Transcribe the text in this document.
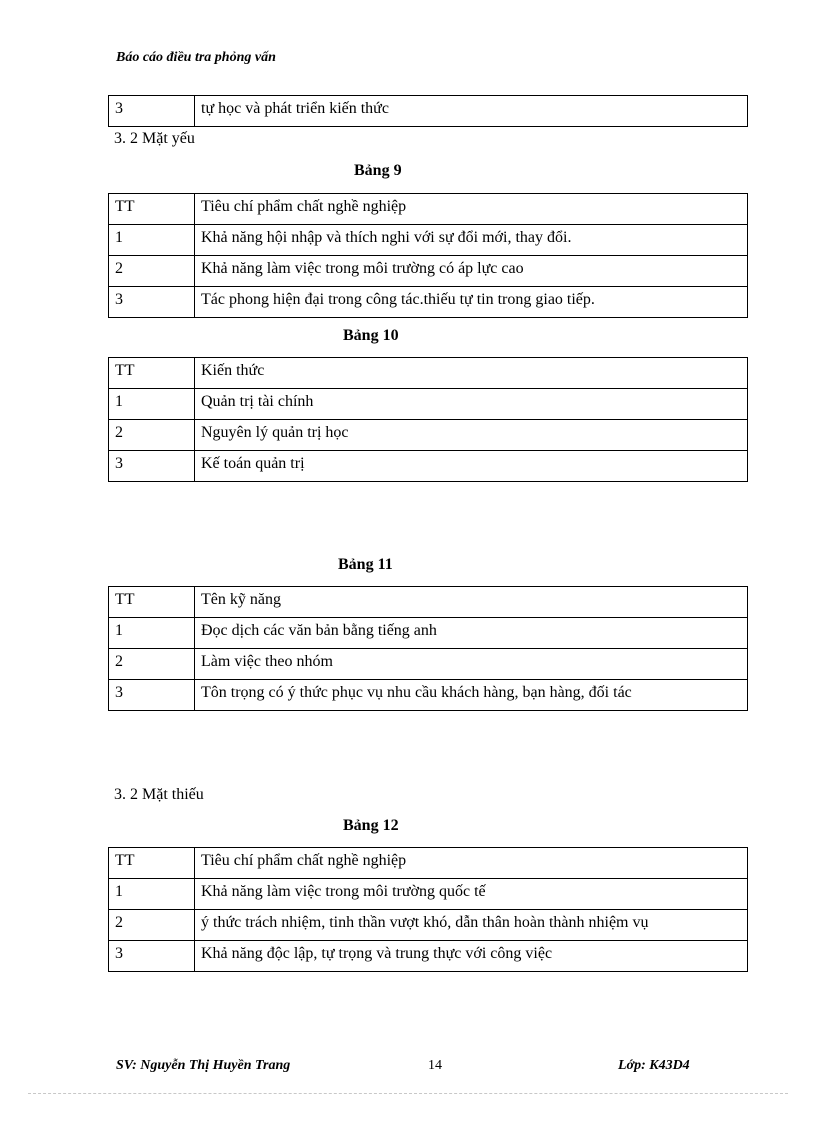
Báo cáo điều tra phỏng vấn
3	tự học và phát triển kiến thức
3. 2 Mặt yếu
Bảng 9
TT	Tiêu chí phẩm chất nghề nghiệp
1	Khả năng hội nhập và thích nghi với sự đổi mới, thay đổi.
2	Khả năng làm việc trong môi trường có áp lực cao
3	Tác phong hiện đại trong công tác.thiếu tự tin trong giao tiếp.
Bảng 10
TT	Kiến thức
1	Quản trị tài chính
2	Nguyên lý quản trị học
3	Kế toán quản trị
Bảng 11
TT	Tên kỹ năng
1	Đọc dịch các văn bản bằng tiếng anh
2	Làm việc theo nhóm
3	Tôn trọng có ý thức phục vụ nhu cầu khách hàng, bạn hàng, đối tác
3. 2 Mặt thiếu
Bảng 12
TT	Tiêu chí phẩm chất nghề nghiệp
1	Khả năng làm việc trong môi trường quốc tế
2	ý thức trách nhiệm, tinh thần vượt khó, dẫn thân hoàn thành nhiệm vụ
3	Khả năng độc lập, tự trọng và trung thực với công việc
SV: Nguyễn Thị Huyền Trang	14	Lớp: K43D4
